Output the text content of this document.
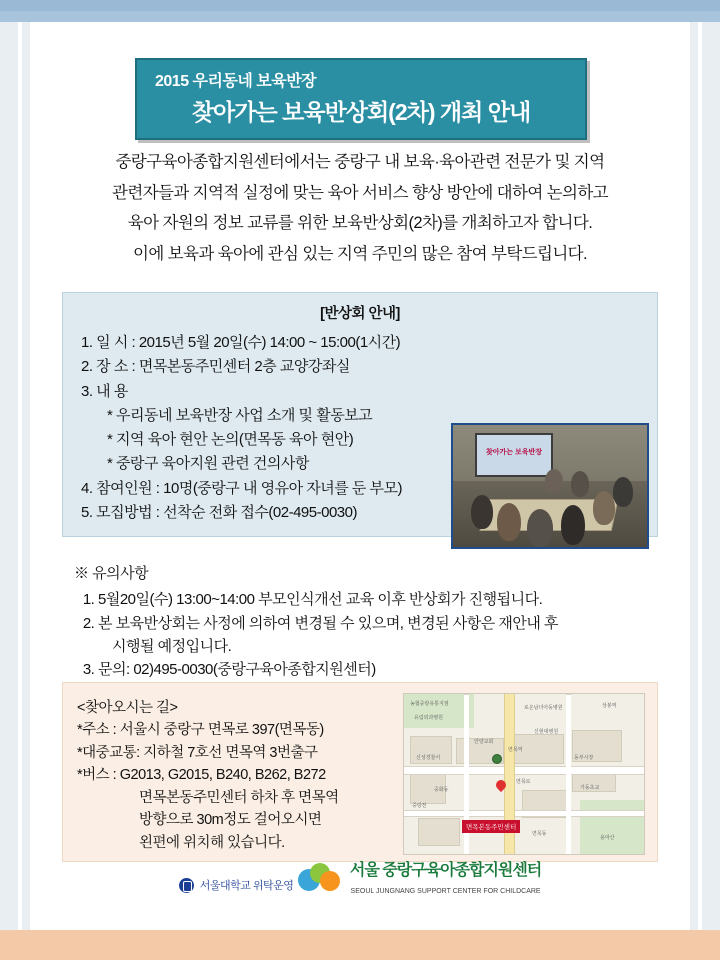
2015 우리동네 보육반장
찾아가는 보육반상회(2차) 개최 안내
중랑구육아종합지원센터에서는 중랑구 내 보육·육아관련 전문가 및 지역
관련자들과 지역적 실정에 맞는 육아 서비스 향상 방안에 대하여 논의하고
육아 자원의 정보 교류를 위한 보육반상회(2차)를 개최하고자 합니다.
이에 보육과 육아에 관심 있는 지역 주민의 많은 참여 부탁드립니다.
[반상회 안내]
1. 일 시 : 2015년 5월 20일(수) 14:00 ~ 15:00(1시간)
2. 장 소 : 면목본동주민센터 2층 교양강좌실
3. 내 용
* 우리동네 보육반장 사업 소개 및 활동보고
* 지역 육아 현안 논의(면목동 육아 현안)
* 중랑구 육아지원 관련 건의사항
4. 참여인원 : 10명(중랑구 내 영유아 자녀를 둔 부모)
5. 모집방법 : 선착순 전화 접수(02-495-0030)
찾아가는 보육반장
※ 유의사항
1. 5월20일(수) 13:00~14:00 부모인식개선 교육 이후 반상회가 진행됩니다.
2. 본 보육반상회는 사정에 의하여 변경될 수 있으며, 변경된 사항은 재안내 후
시행될 예정입니다.
3. 문의: 02)495-0030(중랑구육아종합지원센터)
<찾아오시는 길>
*주소 : 서울시 중랑구 면목로 397(면목동)
*대중교통: 지하철 7호선 면목역 3번출구
*버스 : G2013, G2015, B240, B262, B272
면목본동주민센터 하차 후 면목역
방향으로 30m정도 걸어오시면
왼편에 위치해 있습니다.
면목본동주민센터
농협중랑유통지점
유림외과병원
로온남녀아동병원
면목역
신현대병원
신성경찰서
안양교회
면목로
중랑천
동부시장
가동초교
중화동
면목동
용마산
상봉역
서울대학교 위탁운영

서울 중랑구육아종합지원센터
SEOUL JUNGNANG SUPPORT CENTER FOR CHILDCARE
